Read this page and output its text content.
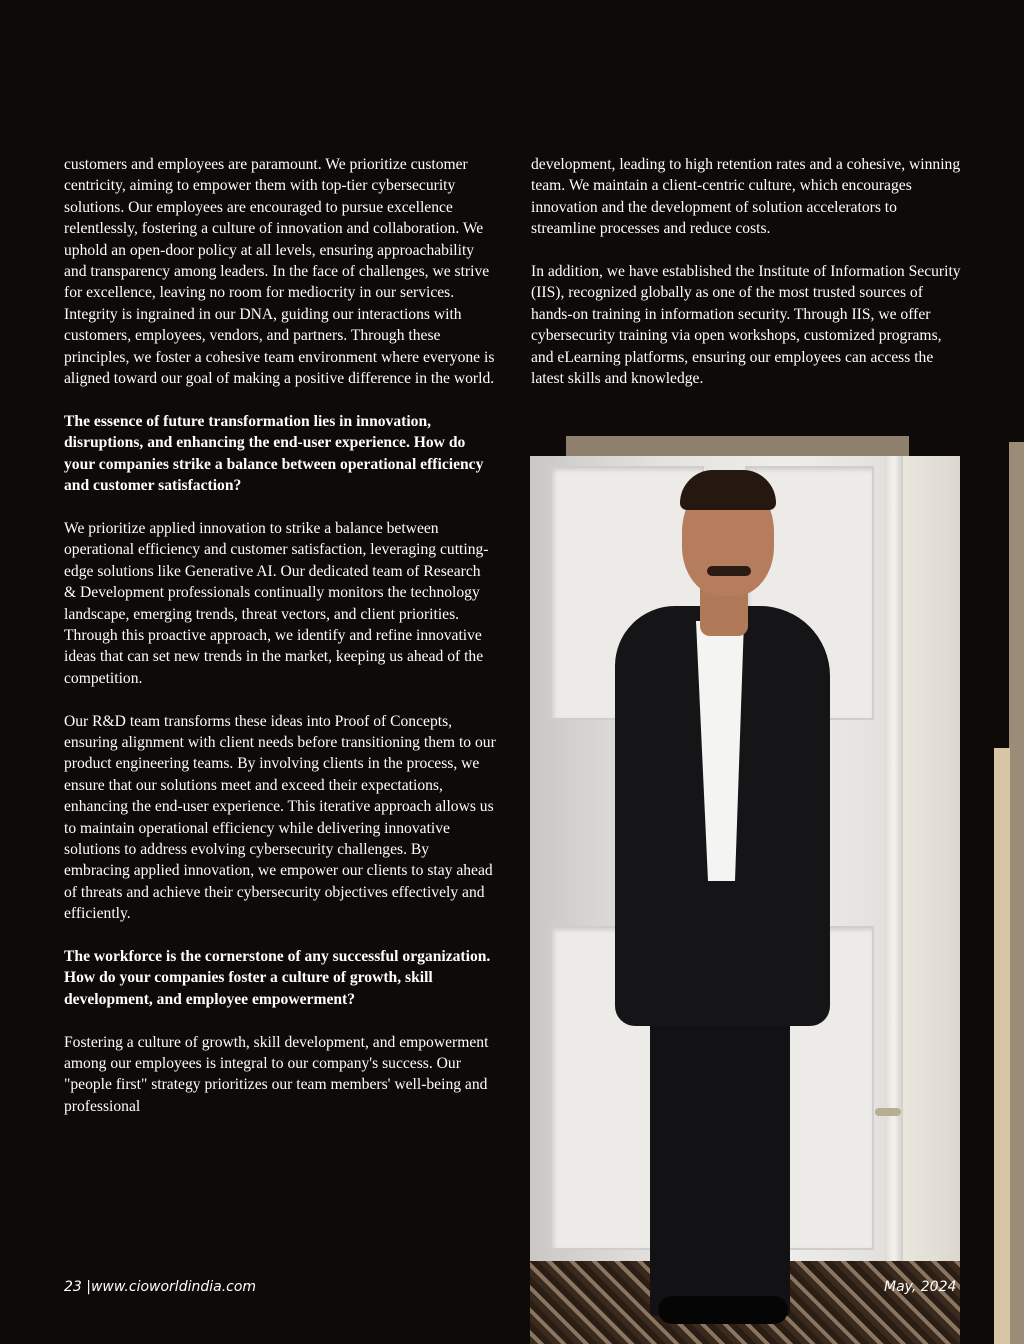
customers and employees are paramount. We prioritize customer centricity, aiming to empower them with top-tier cybersecurity solutions. Our employees are encouraged to pursue excellence relentlessly, fostering a culture of innovation and collaboration. We uphold an open-door policy at all levels, ensuring approachability and transparency among leaders. In the face of challenges, we strive for excellence, leaving no room for mediocrity in our services. Integrity is ingrained in our DNA, guiding our interactions with customers, employees, vendors, and partners. Through these principles, we foster a cohesive team environment where everyone is aligned toward our goal of making a positive difference in the world.

The essence of future transformation lies in innovation, disruptions, and enhancing the end-user experience. How do your companies strike a balance between operational efficiency and customer satisfaction?

We prioritize applied innovation to strike a balance between operational efficiency and customer satisfaction, leveraging cutting-edge solutions like Generative AI. Our dedicated team of Research & Development professionals continually monitors the technology landscape, emerging trends, threat vectors, and client priorities. Through this proactive approach, we identify and refine innovative ideas that can set new trends in the market, keeping us ahead of the competition.

Our R&D team transforms these ideas into Proof of Concepts, ensuring alignment with client needs before transitioning them to our product engineering teams. By involving clients in the process, we ensure that our solutions meet and exceed their expectations, enhancing the end-user experience. This iterative approach allows us to maintain operational efficiency while delivering innovative solutions to address evolving cybersecurity challenges. By embracing applied innovation, we empower our clients to stay ahead of threats and achieve their cybersecurity objectives effectively and efficiently.

The workforce is the cornerstone of any successful organization. How do your companies foster a culture of growth, skill development, and employee empowerment?

Fostering a culture of growth, skill development, and empowerment among our employees is integral to our company's success. Our "people first" strategy prioritizes our team members' well-being and professional

development, leading to high retention rates and a cohesive, winning team. We maintain a client-centric culture, which encourages innovation and the development of solution accelerators to streamline processes and reduce costs.

In addition, we have established the Institute of Information Security (IIS), recognized globally as one of the most trusted sources of hands-on training in information security. Through IIS, we offer cybersecurity training via open workshops, customized programs, and eLearning platforms, ensuring our employees can access the latest skills and knowledge.

23 |www.cioworldindia.com	May, 2024
